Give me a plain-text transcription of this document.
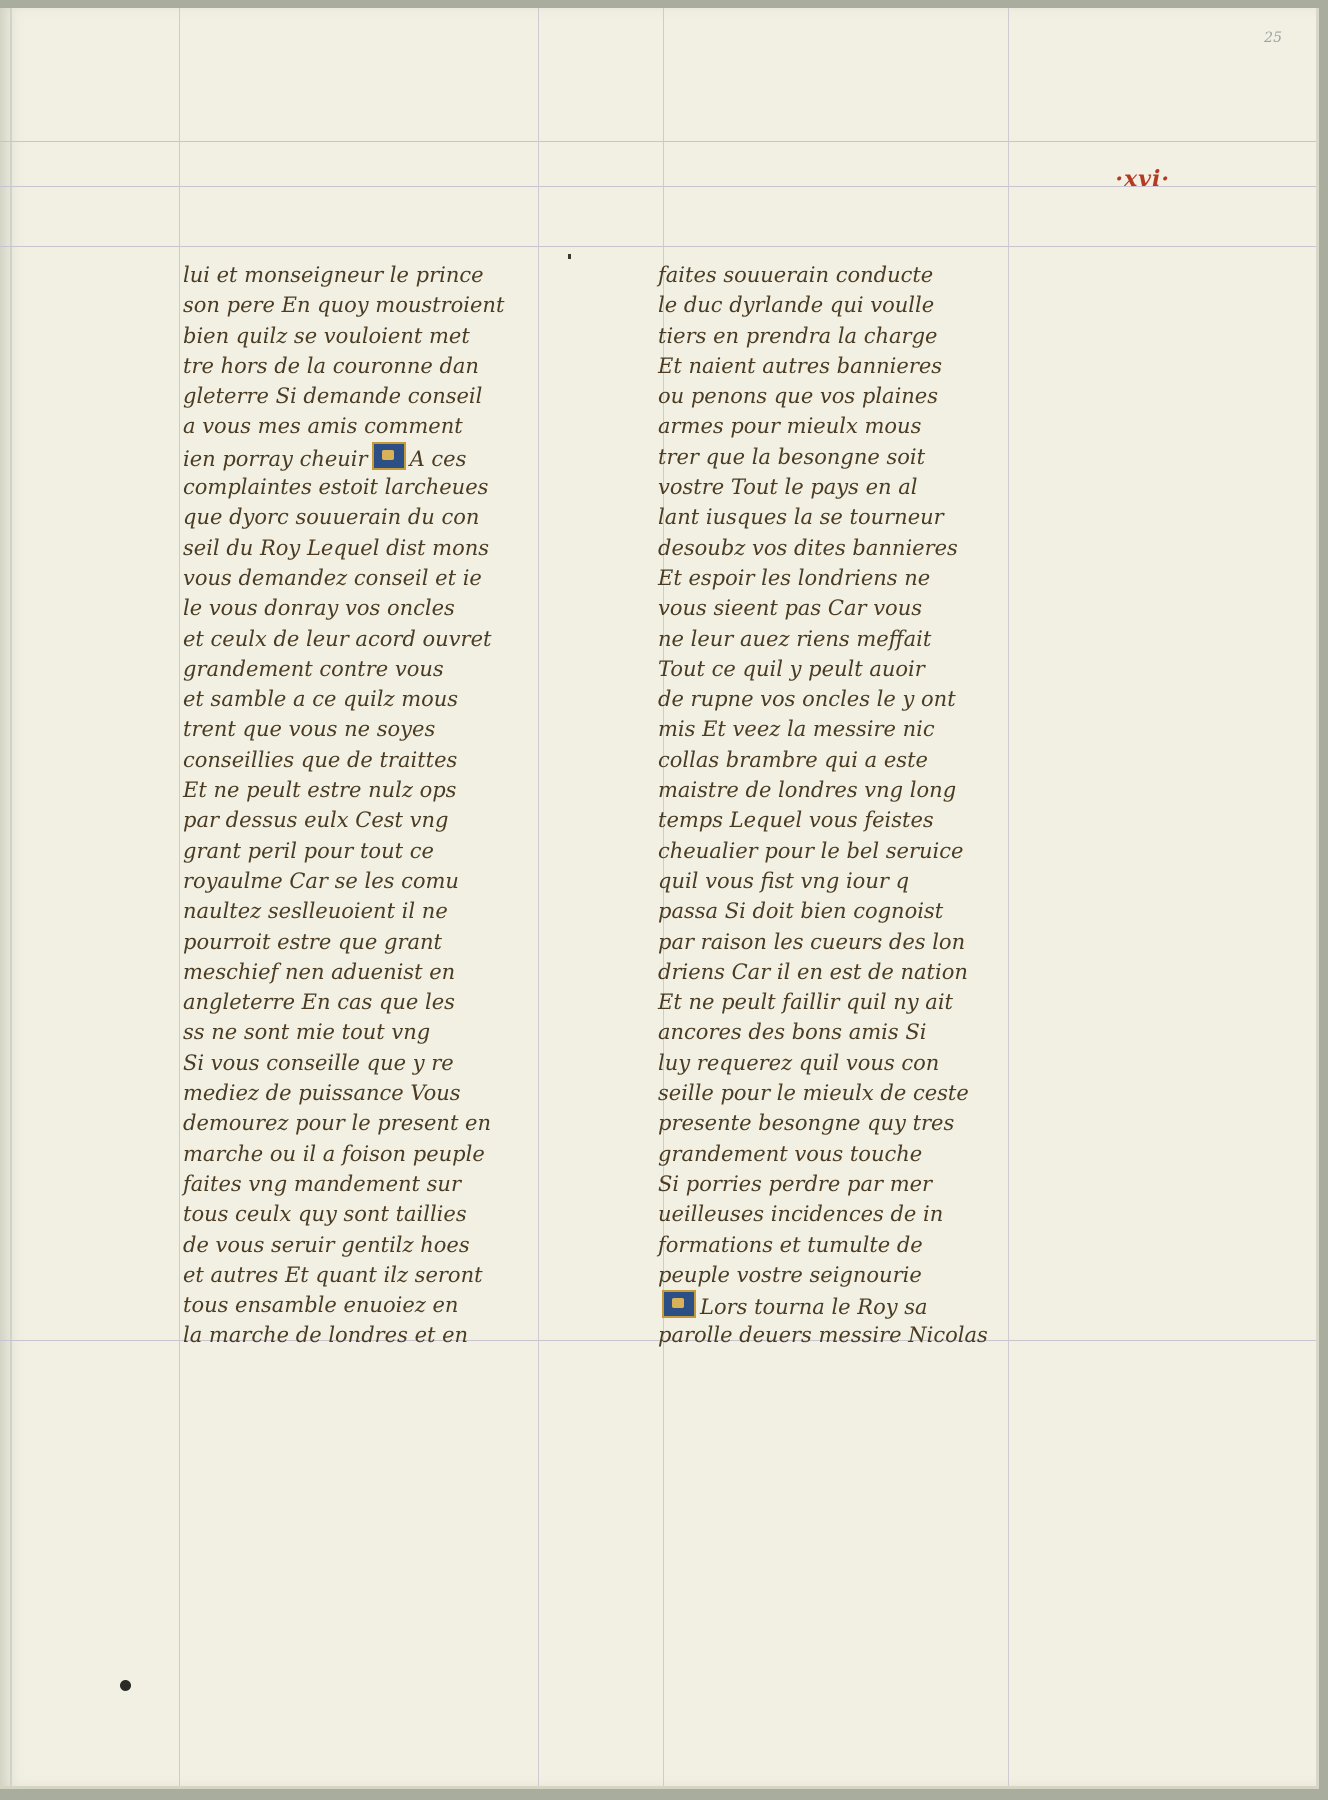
25
·xvi·
lui et monseigneur le prince
son pere En quoy moustroient
bien quilz se vouloient met
tre hors de la couronne dan
gleterre Si demande conseil
a vous mes amis comment
ien porray cheuir A ces
complaintes estoit larcheues
que dyorc souuerain du con
seil du Roy Lequel dist mons
vous demandez conseil et ie
le vous donray vos oncles
et ceulx de leur acord ouvret
grandement contre vous
et samble a ce quilz mous
trent que vous ne soyes
conseillies que de traittes
Et ne peult estre nulz ops
par dessus eulx Cest vng
grant peril pour tout ce
royaulme Car se les comu
naultez seslleuoient il ne
pourroit estre que grant
meschief nen aduenist en
angleterre En cas que les
ss ne sont mie tout vng
Si vous conseille que y re
mediez de puissance Vous
demourez pour le present en
marche ou il a foison peuple
faites vng mandement sur
tous ceulx quy sont taillies
de vous seruir gentilz hoes
et autres Et quant ilz seront
tous ensamble enuoiez en
la marche de londres et en
faites souuerain conducte
le duc dyrlande qui voulle
tiers en prendra la charge
Et naient autres bannieres
ou penons que vos plaines
armes pour mieulx mous
trer que la besongne soit
vostre Tout le pays en al
lant iusques la se tourneur
desoubz vos dites bannieres
Et espoir les londriens ne
vous sieent pas Car vous
ne leur auez riens meffait
Tout ce quil y peult auoir
de rupne vos oncles le y ont
mis Et veez la messire nic
collas brambre qui a este
maistre de londres vng long
temps Lequel vous feistes
cheualier pour le bel seruice
quil vous fist vng iour q
passa Si doit bien cognoist
par raison les cueurs des lon
driens Car il en est de nation
Et ne peult faillir quil ny ait
ancores des bons amis Si
luy requerez quil vous con
seille pour le mieulx de ceste
presente besongne quy tres
grandement vous touche
Si porries perdre par mer
ueilleuses incidences de in
formations et tumulte de
peuple vostre seignourie
Lors tourna le Roy sa
parolle deuers messire Nicolas
